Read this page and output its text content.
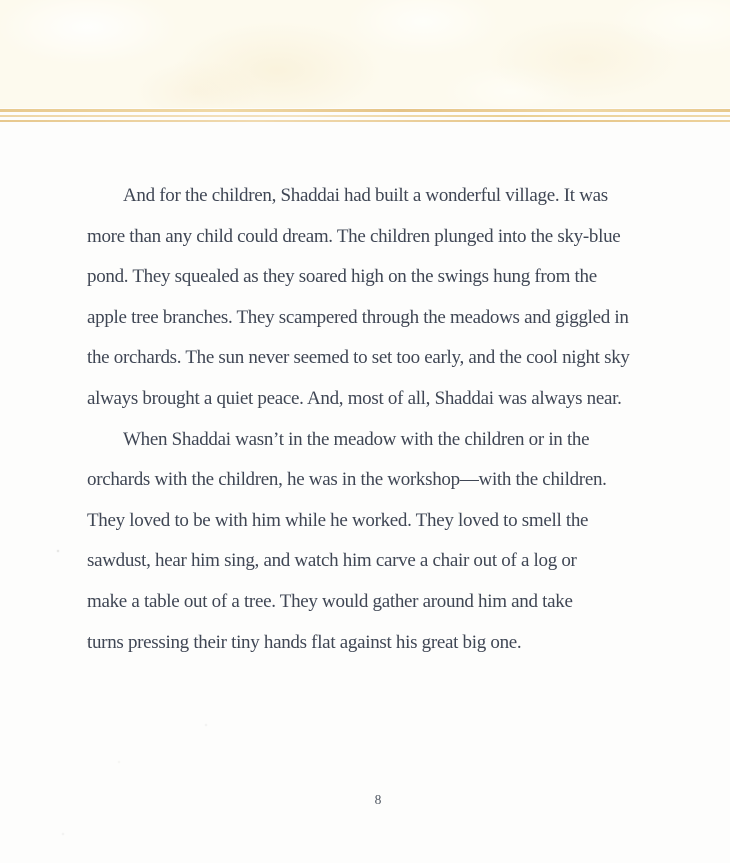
And for the children, Shaddai had built a wonderful village. It was
more than any child could dream. The children plunged into the sky-blue
pond. They squealed as they soared high on the swings hung from the
apple tree branches. They scampered through the meadows and giggled in
the orchards. The sun never seemed to set too early, and the cool night sky
always brought a quiet peace. And, most of all, Shaddai was always near.
When Shaddai wasn’t in the meadow with the children or in the
orchards with the children, he was in the workshop—with the children.
They loved to be with him while he worked. They loved to smell the
sawdust, hear him sing, and watch him carve a chair out of a log or
make a table out of a tree. They would gather around him and take
turns pressing their tiny hands flat against his great big one.
8
